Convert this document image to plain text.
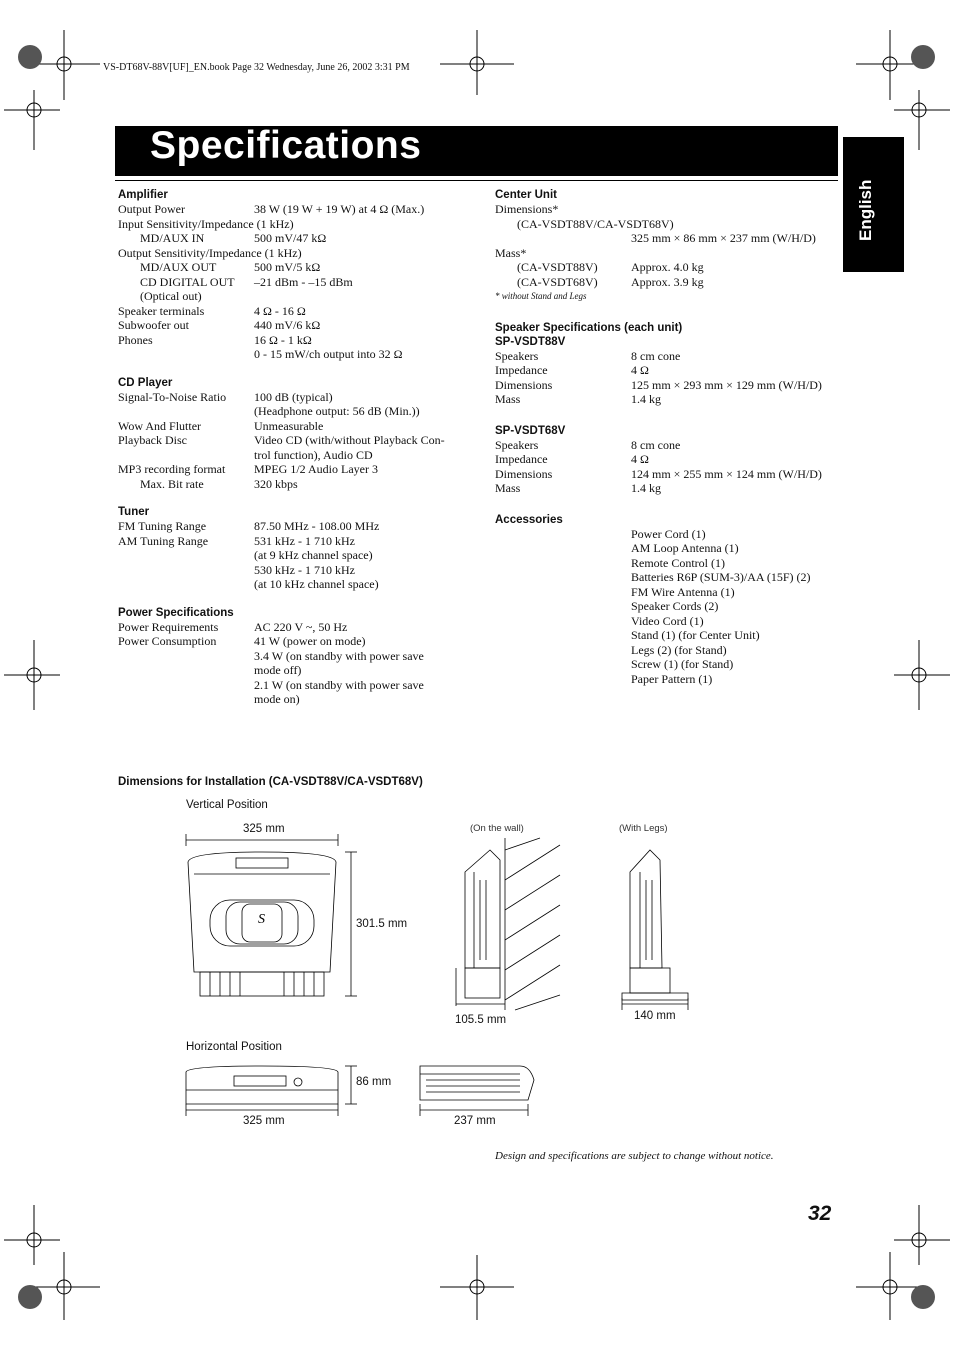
VS-DT68V-88V[UF]_EN.book Page 32 Wednesday, June 26, 2002 3:31 PM
Specifications
English
Amplifier
Output Power	38 W (19 W + 19 W) at 4 Ω (Max.)
Input Sensitivity/Impedance (1 kHz)
MD/AUX IN	500 mV/47 kΩ
Output Sensitivity/Impedance (1 kHz)
MD/AUX OUT	500 mV/5 kΩ
CD DIGITAL OUT –21 dBm - –15 dBm
(Optical out)
Speaker terminals	4 Ω - 16 Ω
Subwoofer out	440 mV/6 kΩ
Phones	16 Ω - 1 kΩ
0 - 15 mW/ch output into 32 Ω
CD Player
Signal-To-Noise Ratio 100 dB (typical)
(Headphone output: 56 dB (Min.))
Wow And Flutter	Unmeasurable
Playback Disc	Video CD (with/without Playback Con-
trol function), Audio CD
MP3 recording format MPEG 1/2 Audio Layer 3
Max. Bit rate	320 kbps
Tuner
FM Tuning Range	87.50 MHz - 108.00 MHz
AM Tuning Range	531 kHz - 1 710 kHz
(at 9 kHz channel space)
530 kHz - 1 710 kHz
(at 10 kHz channel space)
Power Specifications
Power Requirements	AC 220 V ~, 50 Hz
Power Consumption	41 W (power on mode)
3.4 W (on standby with power save
mode off)
2.1 W (on standby with power save
mode on)
Center Unit
Dimensions*
(CA-VSDT88V/CA-VSDT68V)
325 mm × 86 mm × 237 mm (W/H/D)
Mass*
(CA-VSDT88V)	Approx. 4.0 kg
(CA-VSDT68V)	Approx. 3.9 kg
* without Stand and Legs
Speaker Specifications (each unit)
SP-VSDT88V
Speakers	8 cm cone
Impedance	4 Ω
Dimensions	125 mm × 293 mm × 129 mm (W/H/D)
Mass	1.4 kg
SP-VSDT68V
Speakers	8 cm cone
Impedance	4 Ω
Dimensions	124 mm × 255 mm × 124 mm (W/H/D)
Mass	1.4 kg
Accessories
Power Cord (1)
AM Loop Antenna (1)
Remote Control (1)
Batteries R6P (SUM-3)/AA (15F) (2)
FM Wire Antenna (1)
Speaker Cords (2)
Video Cord (1)
Stand (1) (for Center Unit)
Legs (2) (for Stand)
Screw (1) (for Stand)
Paper Pattern (1)
Dimensions for Installation (CA-VSDT88V/CA-VSDT68V)
Vertical Position
(On the wall)	(With Legs)
325 mm
301.5 mm
105.5 mm	140 mm
Horizontal Position
86 mm
325 mm	237 mm
S
Design and specifications are subject to change without notice.
32
